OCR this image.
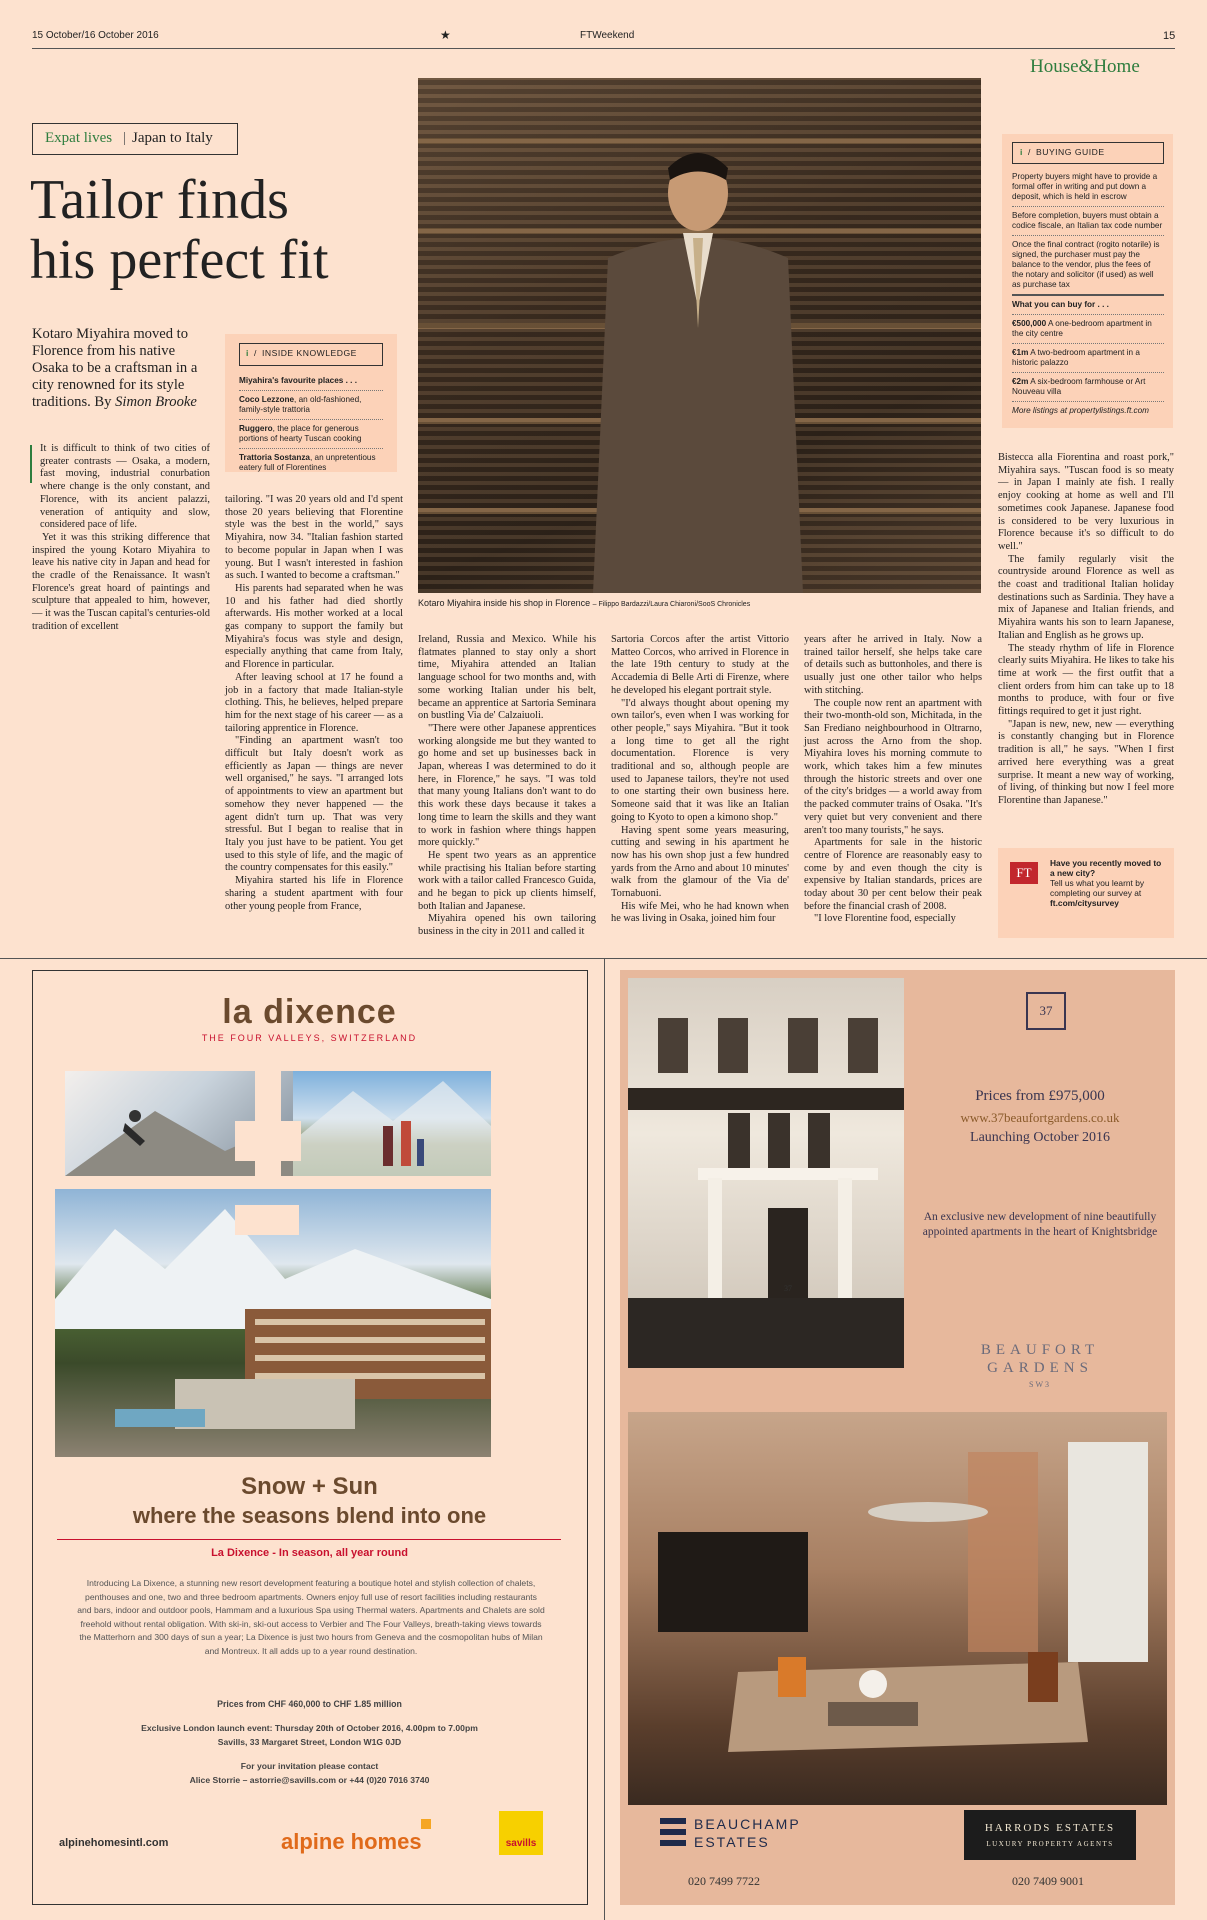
15 October/16 October 2016	★	FTWeekend	15
House&Home
Expat lives | Japan to Italy
Tailor finds
his perfect fit
Kotaro Miyahira moved to Florence from his native Osaka to be a craftsman in a city renowned for its style traditions. By Simon Brooke
i / INSIDE KNOWLEDGE

Miyahira's favourite places . . .

Coco Lezzone, an old-fashioned, family-style trattoria

Ruggero, the place for generous portions of hearty Tuscan cooking

Trattoria Sostanza, an unpretentious eatery full of Florentines

Kotaro Miyahira inside his shop in Florence – Filippo Bardazzi/Laura Chiaroni/SooS Chronicles
i / BUYING GUIDE

Property buyers might have to provide a formal offer in writing and put down a deposit, which is held in escrow

Before completion, buyers must obtain a codice fiscale, an Italian tax code number

Once the final contract (rogito notarile) is signed, the purchaser must pay the balance to the vendor, plus the fees of the notary and solicitor (if used) as well as purchase tax

What you can buy for . . .

€500,000 A one-bedroom apartment in the city centre

€1m A two-bedroom apartment in a historic palazzo

€2m A six-bedroom farmhouse or Art Nouveau villa

More listings at propertylistings.ft.com

It is difficult to think of two cities of greater contrasts — Osaka, a modern, fast moving, industrial conurbation where change is the only constant, and Florence, with its ancient palazzi, veneration of antiquity and slow, considered pace of life.

Yet it was this striking difference that inspired the young Kotaro Miyahira to leave his native city in Japan and head for the cradle of the Renaissance. It wasn't Florence's great hoard of paintings and sculpture that appealed to him, however, — it was the Tuscan capital's centuries-old tradition of excellent

tailoring. "I was 20 years old and I'd spent those 20 years believing that Florentine style was the best in the world," says Miyahira, now 34. "Italian fashion started to become popular in Japan when I was young. But I wasn't interested in fashion as such. I wanted to become a craftsman."

His parents had separated when he was 10 and his father had died shortly afterwards. His mother worked at a local gas company to support the family but Miyahira's focus was style and design, especially anything that came from Italy, and Florence in particular.

After leaving school at 17 he found a job in a factory that made Italian-style clothing. This, he believes, helped prepare him for the next stage of his career — as a tailoring apprentice in Florence.

"Finding an apartment wasn't too difficult but Italy doesn't work as efficiently as Japan — things are never well organised," he says. "I arranged lots of appointments to view an apartment but somehow they never happened — the agent didn't turn up. That was very stressful. But I began to realise that in Italy you just have to be patient. You get used to this style of life, and the magic of the country compensates for this easily."

Miyahira started his life in Florence sharing a student apartment with four other young people from France,

Ireland, Russia and Mexico. While his flatmates planned to stay only a short time, Miyahira attended an Italian language school for two months and, with some working Italian under his belt, became an apprentice at Sartoria Seminara on bustling Via de' Calzaiuoli.

"There were other Japanese apprentices working alongside me but they wanted to go home and set up businesses back in Japan, whereas I was determined to do it here, in Florence," he says. "I was told that many young Italians don't want to do this work these days because it takes a long time to learn the skills and they want to work in fashion where things happen more quickly."

He spent two years as an apprentice while practising his Italian before starting work with a tailor called Francesco Guida, and he began to pick up clients himself, both Italian and Japanese.

Miyahira opened his own tailoring business in the city in 2011 and called it

Sartoria Corcos after the artist Vittorio Matteo Corcos, who arrived in Florence in the late 19th century to study at the Accademia di Belle Arti di Firenze, where he developed his elegant portrait style.

"I'd always thought about opening my own tailor's, even when I was working for other people," says Miyahira. "But it took a long time to get all the right documentation. Florence is very traditional and so, although people are used to Japanese tailors, they're not used to one starting their own business here. Someone said that it was like an Italian going to Kyoto to open a kimono shop."

Having spent some years measuring, cutting and sewing in his apartment he now has his own shop just a few hundred yards from the Arno and about 10 minutes' walk from the glamour of the Via de' Tornabuoni.

His wife Mei, who he had known when he was living in Osaka, joined him four

years after he arrived in Italy. Now a trained tailor herself, she helps take care of details such as buttonholes, and there is usually just one other tailor who helps with stitching.

The couple now rent an apartment with their two-month-old son, Michitada, in the San Frediano neighbourhood in Oltrarno, just across the Arno from the shop. Miyahira loves his morning commute to work, which takes him a few minutes through the historic streets and over one of the city's bridges — a world away from the packed commuter trains of Osaka. "It's very quiet but very convenient and there aren't too many tourists," he says.

Apartments for sale in the historic centre of Florence are reasonably easy to come by and even though the city is expensive by Italian standards, prices are today about 30 per cent below their peak before the financial crash of 2008.

"I love Florentine food, especially

Bistecca alla Fiorentina and roast pork," Miyahira says. "Tuscan food is so meaty — in Japan I mainly ate fish. I really enjoy cooking at home as well and I'll sometimes cook Japanese. Japanese food is considered to be very luxurious in Florence because it's so difficult to do well."

The family regularly visit the countryside around Florence as well as the coast and traditional Italian holiday destinations such as Sardinia. They have a mix of Japanese and Italian friends, and Miyahira wants his son to learn Japanese, Italian and English as he grows up.

The steady rhythm of life in Florence clearly suits Miyahira. He likes to take his time at work — the first outfit that a client orders from him can take up to 18 months to produce, with four or five fittings required to get it just right.

"Japan is new, new, new — everything is constantly changing but in Florence tradition is all," he says. "When I first arrived here everything was a great surprise. It meant a new way of working, of living, of thinking but now I feel more Florentine than Japanese."

FT
Have you recently moved to a new city?
Tell us what you learnt by completing our survey at
ft.com/citysurvey
la dixence
THE FOUR VALLEYS, SWITZERLAND
Snow + Sun
where the seasons blend into one
La Dixence - In season, all year round
Introducing La Dixence, a stunning new resort development featuring a boutique hotel and stylish collection of chalets, penthouses and one, two and three bedroom apartments. Owners enjoy full use of resort facilities including restaurants and bars, indoor and outdoor pools, Hammam and a luxurious Spa using Thermal waters. Apartments and Chalets are sold freehold without rental obligation. With ski-in, ski-out access to Verbier and The Four Valleys, breath-taking views towards the Matterhorn and 300 days of sun a year; La Dixence is just two hours from Geneva and the cosmopolitan hubs of Milan and Montreux. It all adds up to a year round destination.
Prices from CHF 460,000 to CHF 1.85 million
Exclusive London launch event: Thursday 20th of October 2016, 4.00pm to 7.00pm
Savills, 33 Margaret Street, London W1G 0JD
For your invitation please contact
Alice Storrie – astorrie@savills.com or +44 (0)20 7016 3740
alpinehomesintl.com	alpine homes	savills
37
37
Prices from £975,000
www.37beaufortgardens.co.uk
Launching October 2016
An exclusive new development of nine beautifully appointed apartments in the heart of Knightsbridge
BEAUFORT
GARDENS
SW3
BEAUCHAMP
ESTATES
020 7499 7722
HARRODS ESTATES
LUXURY PROPERTY AGENTS
020 7409 9001
